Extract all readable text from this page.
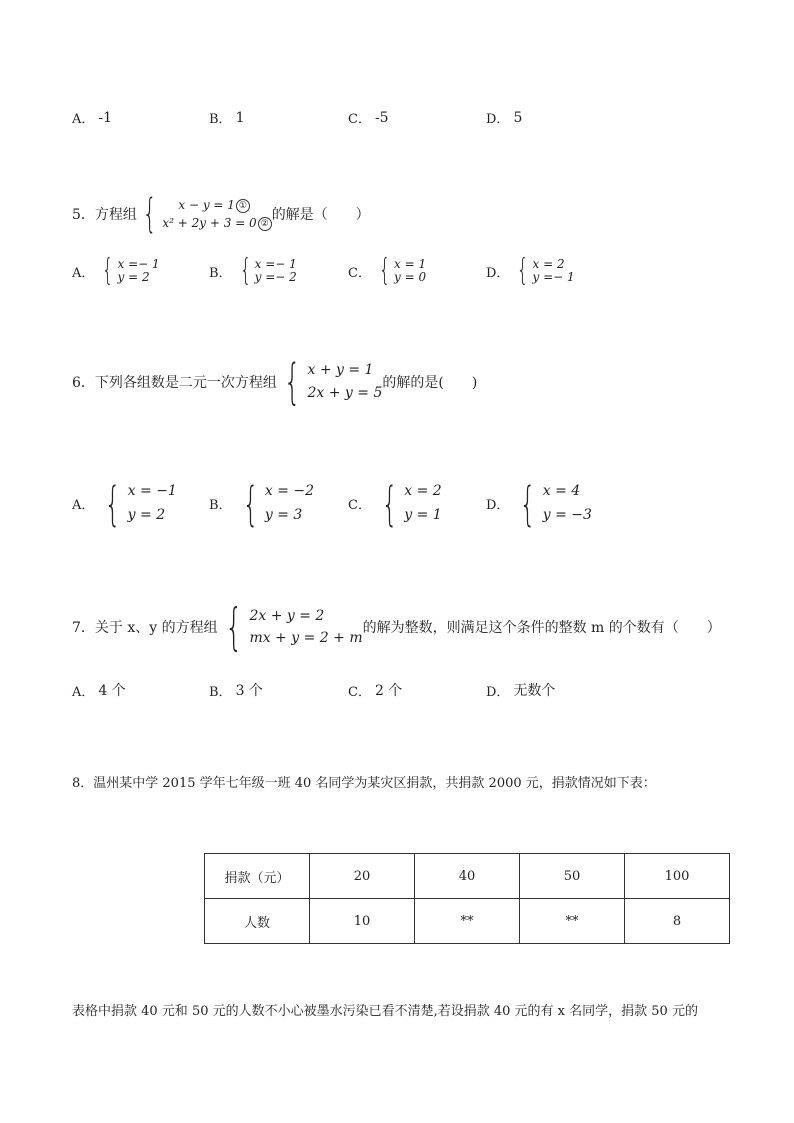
A． -1	B． 1	C． -5	D． 5
5．方程组 {	x − y = 1 ①
x² + 2y + 3 = 0 ②
的解是（　　）
A． { x =− 1
y = 2	B． { x =− 1
y =− 2	C． { x = 1
y = 0	D． { x = 2
y =− 1
6．下列各组数是二元一次方程组 { x + y = 1
2x + y = 5
的解的是(　　)
A． { x = −1
y = 2
B． { x = −2
y = 3
C． { x = 2
y = 1
D． { x = 4
y = −3
7．关于 x、y 的方程组 { 2x + y = 2
mx + y = 2 + m
的解为整数，则满足这个条件的整数 m 的个数有（　　）
A． 4 个	B． 3 个	C． 2 个	D． 无数个
8．温州某中学 2015 学年七年级一班 40 名同学为某灾区捐款，共捐款 2000 元，捐款情况如下表：
捐款（元）	20	40	50	100
人数	10	**	**	8
表格中捐款 40 元和 50 元的人数不小心被墨水污染已看不清楚,若设捐款 40 元的有 x 名同学，捐款 50 元的
